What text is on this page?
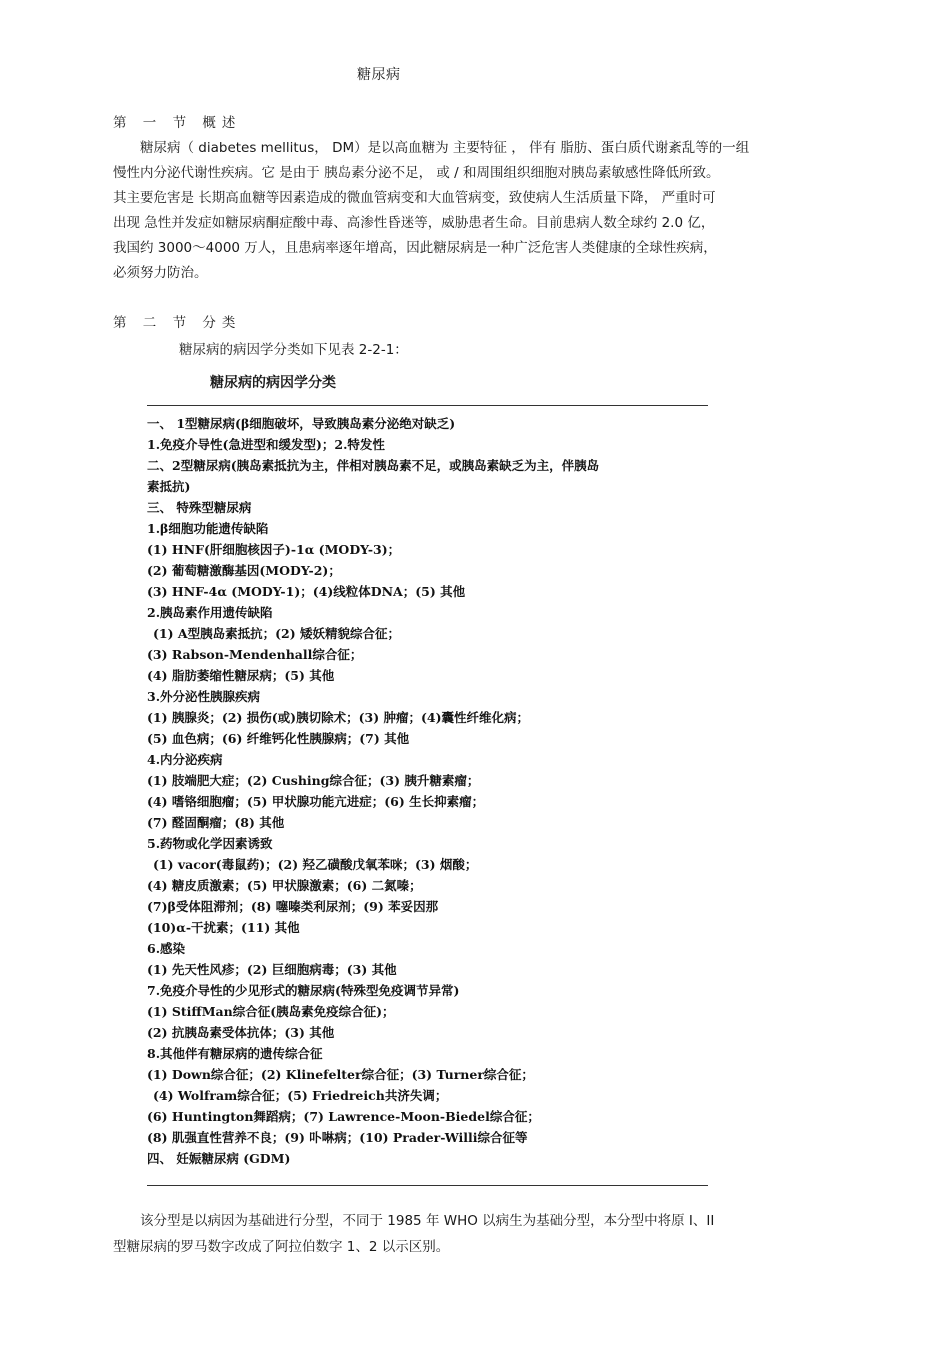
糖尿病
第 一 节 概述
　　糖尿病（ diabetes mellitus， DM）是以高血糖为 主要特征 ， 伴有 脂肪、蛋白质代谢紊乱等的一组
慢性内分泌代谢性疾病。它 是由于 胰岛素分泌不足， 或 / 和周围组织细胞对胰岛素敏感性降低所致。
其主要危害是 长期高血糖等因素造成的微血管病变和大血管病变，致使病人生活质量下降， 严重时可
出现 急性并发症如糖尿病酮症酸中毒、高渗性昏迷等，威胁患者生命。目前患病人数全球约 2.0 亿，
我国约 3000～4000 万人，且患病率逐年增高，因此糖尿病是一种广泛危害人类健康的全球性疾病，
必须努力防治。
第 二 节 分类
糖尿病的病因学分类如下见表 2-2-1：
糖尿病的病因学分类
一、 1型糖尿病(β细胞破坏，导致胰岛素分泌绝对缺乏)
1.免疫介导性(急进型和缓发型)；2.特发性
二、2型糖尿病(胰岛素抵抗为主，伴相对胰岛素不足，或胰岛素缺乏为主，伴胰岛
素抵抗)
三、 特殊型糖尿病
1.β细胞功能遗传缺陷
(1) HNF(肝细胞核因子)-1α (MODY-3)；
(2) 葡萄糖激酶基因(MODY-2)；
(3) HNF-4α (MODY-1)；(4)线粒体DNA；(5) 其他
2.胰岛素作用遗传缺陷
(1) A型胰岛素抵抗；(2) 矮妖精貌综合征；
(3) Rabson-Mendenhall综合征；
(4) 脂肪萎缩性糖尿病；(5) 其他
3.外分泌性胰腺疾病
(1) 胰腺炎；(2) 损伤(或)胰切除术；(3) 肿瘤；(4)囊性纤维化病；
(5) 血色病；(6) 纤维钙化性胰腺病；(7) 其他
4.内分泌疾病
(1) 肢端肥大症；(2) Cushing综合征；(3) 胰升糖素瘤；
(4) 嗜铬细胞瘤；(5) 甲状腺功能亢进症；(6) 生长抑素瘤；
(7) 醛固酮瘤；(8) 其他
5.药物或化学因素诱致
(1) vacor(毒鼠药)；(2) 羟乙磺酸戊氧苯咪；(3) 烟酸；
(4) 糖皮质激素；(5) 甲状腺激素；(6) 二氮嗪；
(7)β受体阻滞剂；(8) 噻嗪类利尿剂；(9) 苯妥因那
(10)α-干扰素；(11) 其他
6.感染
(1) 先天性风疹；(2) 巨细胞病毒；(3) 其他
7.免疫介导性的少见形式的糖尿病(特殊型免疫调节异常)
(1) StiffMan综合征(胰岛素免疫综合征)；
(2) 抗胰岛素受体抗体；(3) 其他
8.其他伴有糖尿病的遗传综合征
(1) Down综合征；(2) Klinefelter综合征；(3) Turner综合征；
(4) Wolfram综合征；(5) Friedreich共济失调；
(6) Huntington舞蹈病；(7) Lawrence-Moon-Biedel综合征；
(8) 肌强直性营养不良；(9) 卟啉病；(10) Prader-Willi综合征等
四、 妊娠糖尿病 (GDM)
　　该分型是以病因为基础进行分型，不同于 1985 年 WHO 以病生为基础分型，本分型中将原 I、II
型糖尿病的罗马数字改成了阿拉伯数字 1、2 以示区别。
